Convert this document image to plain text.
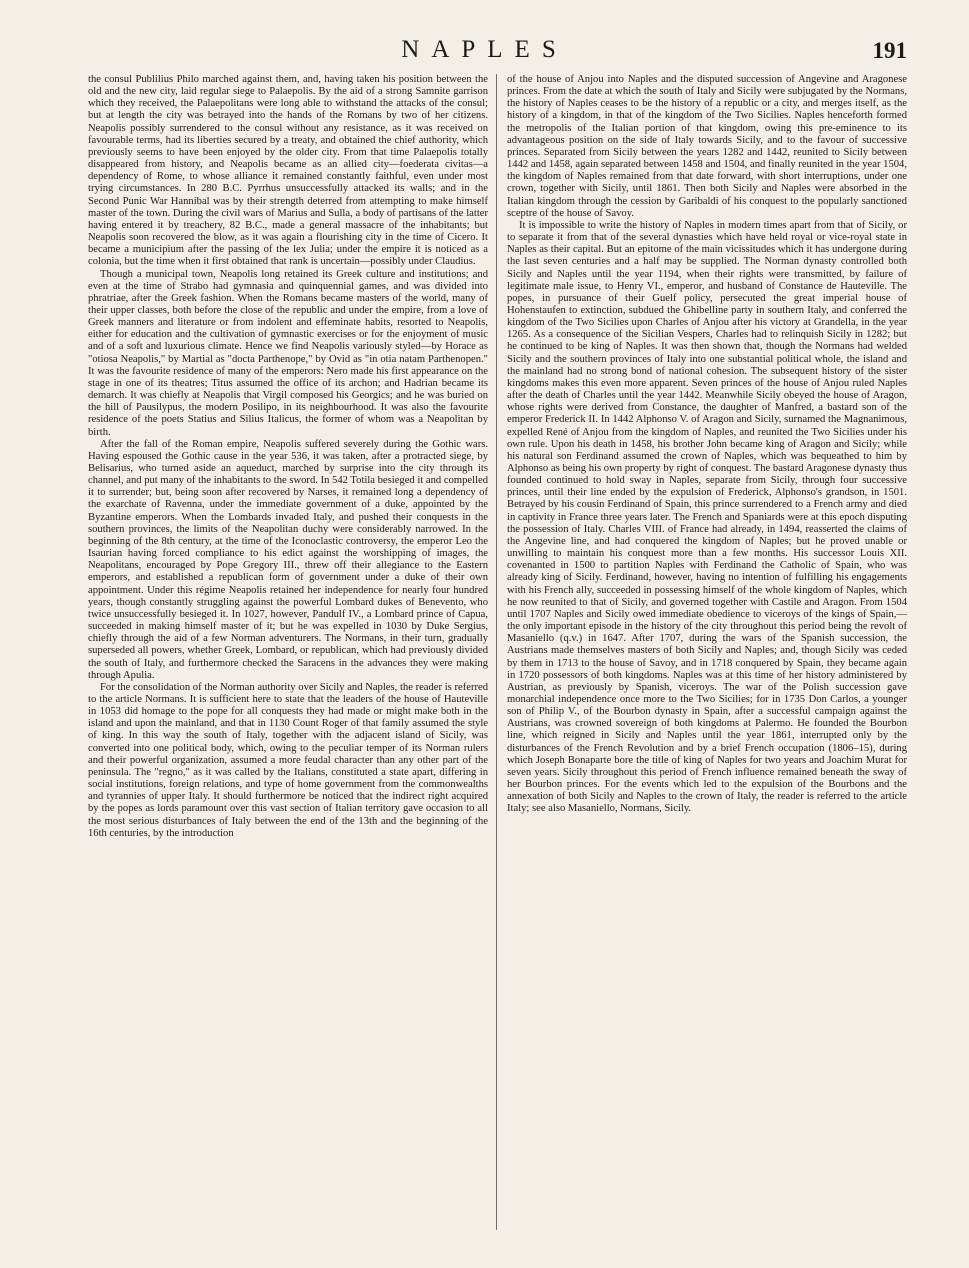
NAPLES	191

the consul Publilius Philo marched against them, and, having taken his position between the old and the new city, laid regular siege to Palaepolis. By the aid of a strong Samnite garrison which they received, the Palaepolitans were long able to withstand the attacks of the consul; but at length the city was betrayed into the hands of the Romans by two of her citizens. Neapolis possibly surrendered to the consul without any resistance, as it was received on favourable terms, had its liberties secured by a treaty, and obtained the chief authority, which previously seems to have been enjoyed by the older city. From that time Palaepolis totally disappeared from history, and Neapolis became as an allied city—foederata civitas—a dependency of Rome, to whose alliance it remained constantly faithful, even under most trying circumstances. In 280 B.C. Pyrrhus unsuccessfully attacked its walls; and in the Second Punic War Hannibal was by their strength deterred from attempting to make himself master of the town. During the civil wars of Marius and Sulla, a body of partisans of the latter having entered it by treachery, 82 B.C., made a general massacre of the inhabitants; but Neapolis soon recovered the blow, as it was again a flourishing city in the time of Cicero. It became a municipium after the passing of the lex Julia; under the empire it is noticed as a colonia, but the time when it first obtained that rank is uncertain—possibly under Claudius.

Though a municipal town, Neapolis long retained its Greek culture and institutions; and even at the time of Strabo had gymnasia and quinquennial games, and was divided into phratriae, after the Greek fashion. When the Romans became masters of the world, many of their upper classes, both before the close of the republic and under the empire, from a love of Greek manners and literature or from indolent and effeminate habits, resorted to Neapolis, either for education and the cultivation of gymnastic exercises or for the enjoyment of music and of a soft and luxurious climate. Hence we find Neapolis variously styled—by Horace as "otiosa Neapolis," by Martial as "docta Parthenope," by Ovid as "in otia natam Parthenopen." It was the favourite residence of many of the emperors: Nero made his first appearance on the stage in one of its theatres; Titus assumed the office of its archon; and Hadrian became its demarch. It was chiefly at Neapolis that Virgil composed his Georgics; and he was buried on the hill of Pausilypus, the modern Posilipo, in its neighbourhood. It was also the favourite residence of the poets Statius and Silius Italicus, the former of whom was a Neapolitan by birth.

After the fall of the Roman empire, Neapolis suffered severely during the Gothic wars. Having espoused the Gothic cause in the year 536, it was taken, after a protracted siege, by Belisarius, who turned aside an aqueduct, marched by surprise into the city through its channel, and put many of the inhabitants to the sword. In 542 Totila besieged it and compelled it to surrender; but, being soon after recovered by Narses, it remained long a dependency of the exarchate of Ravenna, under the immediate government of a duke, appointed by the Byzantine emperors. When the Lombards invaded Italy, and pushed their conquests in the southern provinces, the limits of the Neapolitan duchy were considerably narrowed. In the beginning of the 8th century, at the time of the Iconoclastic controversy, the emperor Leo the Isaurian having forced compliance to his edict against the worshipping of images, the Neapolitans, encouraged by Pope Gregory III., threw off their allegiance to the Eastern emperors, and established a republican form of government under a duke of their own appointment. Under this régime Neapolis retained her independence for nearly four hundred years, though constantly struggling against the powerful Lombard dukes of Benevento, who twice unsuccessfully besieged it. In 1027, however, Pandulf IV., a Lombard prince of Capua, succeeded in making himself master of it; but he was expelled in 1030 by Duke Sergius, chiefly through the aid of a few Norman adventurers. The Normans, in their turn, gradually superseded all powers, whether Greek, Lombard, or republican, which had previously divided the south of Italy, and furthermore checked the Saracens in the advances they were making through Apulia.

For the consolidation of the Norman authority over Sicily and Naples, the reader is referred to the article Normans. It is sufficient here to state that the leaders of the house of Hauteville in 1053 did homage to the pope for all conquests they had made or might make both in the island and upon the mainland, and that in 1130 Count Roger of that family assumed the style of king. In this way the south of Italy, together with the adjacent island of Sicily, was converted into one political body, which, owing to the peculiar temper of its Norman rulers and their powerful organization, assumed a more feudal character than any other part of the peninsula. The "regno," as it was called by the Italians, constituted a state apart, differing in social institutions, foreign relations, and type of home government from the commonwealths and tyrannies of upper Italy. It should furthermore be noticed that the indirect right acquired by the popes as lords paramount over this vast section of Italian territory gave occasion to all the most serious disturbances of Italy between the end of the 13th and the beginning of the 16th centuries, by the introduction

of the house of Anjou into Naples and the disputed succession of Angevine and Aragonese princes. From the date at which the south of Italy and Sicily were subjugated by the Normans, the history of Naples ceases to be the history of a republic or a city, and merges itself, as the history of a kingdom, in that of the kingdom of the Two Sicilies. Naples henceforth formed the metropolis of the Italian portion of that kingdom, owing this pre-eminence to its advantageous position on the side of Italy towards Sicily, and to the favour of successive princes. Separated from Sicily between the years 1282 and 1442, reunited to Sicily between 1442 and 1458, again separated between 1458 and 1504, and finally reunited in the year 1504, the kingdom of Naples remained from that date forward, with short interruptions, under one crown, together with Sicily, until 1861. Then both Sicily and Naples were absorbed in the Italian kingdom through the cession by Garibaldi of his conquest to the popularly sanctioned sceptre of the house of Savoy.

It is impossible to write the history of Naples in modern times apart from that of Sicily, or to separate it from that of the several dynasties which have held royal or vice-royal state in Naples as their capital. But an epitome of the main vicissitudes which it has undergone during the last seven centuries and a half may be supplied. The Norman dynasty controlled both Sicily and Naples until the year 1194, when their rights were transmitted, by failure of legitimate male issue, to Henry VI., emperor, and husband of Constance de Hauteville. The popes, in pursuance of their Guelf policy, persecuted the great imperial house of Hohenstaufen to extinction, subdued the Ghibelline party in southern Italy, and conferred the kingdom of the Two Sicilies upon Charles of Anjou after his victory at Grandella, in the year 1265. As a consequence of the Sicilian Vespers, Charles had to relinquish Sicily in 1282; but he continued to be king of Naples. It was then shown that, though the Normans had welded Sicily and the southern provinces of Italy into one substantial political whole, the island and the mainland had no strong bond of national cohesion. The subsequent history of the sister kingdoms makes this even more apparent. Seven princes of the house of Anjou ruled Naples after the death of Charles until the year 1442. Meanwhile Sicily obeyed the house of Aragon, whose rights were derived from Constance, the daughter of Manfred, a bastard son of the emperor Frederick II. In 1442 Alphonso V. of Aragon and Sicily, surnamed the Magnanimous, expelled René of Anjou from the kingdom of Naples, and reunited the Two Sicilies under his own rule. Upon his death in 1458, his brother John became king of Aragon and Sicily; while his natural son Ferdinand assumed the crown of Naples, which was bequeathed to him by Alphonso as being his own property by right of conquest. The bastard Aragonese dynasty thus founded continued to hold sway in Naples, separate from Sicily, through four successive princes, until their line ended by the expulsion of Frederick, Alphonso's grandson, in 1501. Betrayed by his cousin Ferdinand of Spain, this prince surrendered to a French army and died in captivity in France three years later. The French and Spaniards were at this epoch disputing the possession of Italy. Charles VIII. of France had already, in 1494, reasserted the claims of the Angevine line, and had conquered the kingdom of Naples; but he proved unable or unwilling to maintain his conquest more than a few months. His successor Louis XII. covenanted in 1500 to partition Naples with Ferdinand the Catholic of Spain, who was already king of Sicily. Ferdinand, however, having no intention of fulfilling his engagements with his French ally, succeeded in possessing himself of the whole kingdom of Naples, which he now reunited to that of Sicily, and governed together with Castile and Aragon. From 1504 until 1707 Naples and Sicily owed immediate obedience to viceroys of the kings of Spain,—the only important episode in the history of the city throughout this period being the revolt of Masaniello (q.v.) in 1647. After 1707, during the wars of the Spanish succession, the Austrians made themselves masters of both Sicily and Naples; and, though Sicily was ceded by them in 1713 to the house of Savoy, and in 1718 conquered by Spain, they became again in 1720 possessors of both kingdoms. Naples was at this time of her history administered by Austrian, as previously by Spanish, viceroys. The war of the Polish succession gave monarchial independence once more to the Two Sicilies; for in 1735 Don Carlos, a younger son of Philip V., of the Bourbon dynasty in Spain, after a successful campaign against the Austrians, was crowned sovereign of both kingdoms at Palermo. He founded the Bourbon line, which reigned in Sicily and Naples until the year 1861, interrupted only by the disturbances of the French Revolution and by a brief French occupation (1806–15), during which Joseph Bonaparte bore the title of king of Naples for two years and Joachim Murat for seven years. Sicily throughout this period of French influence remained beneath the sway of her Bourbon princes. For the events which led to the expulsion of the Bourbons and the annexation of both Sicily and Naples to the crown of Italy, the reader is referred to the article Italy; see also Masaniello, Normans, Sicily.
